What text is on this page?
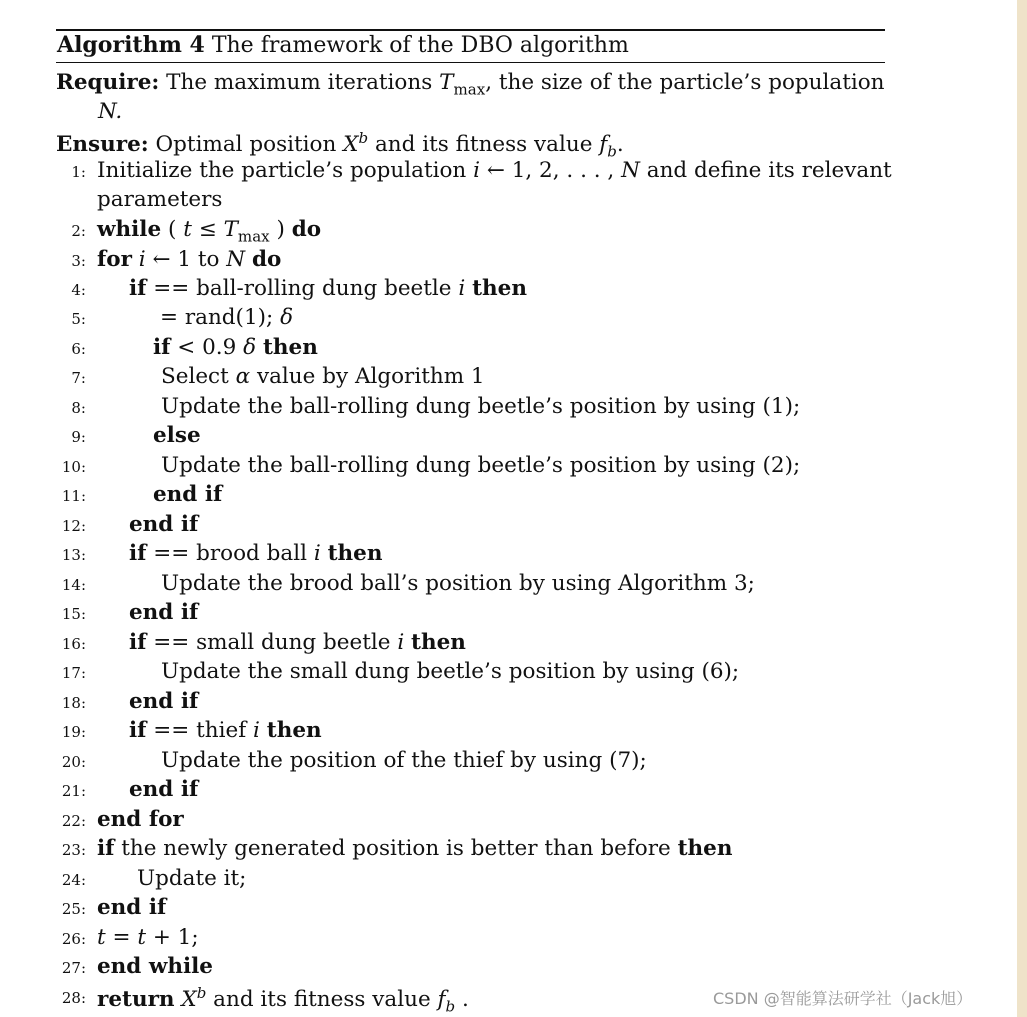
Algorithm 4 The framework of the DBO algorithm
Require: The maximum iterations $T_{max}$, the size of the particle’s population
N.
Ensure: Optimal position $X^b$ and its fitness value $f_b$.
1: Initialize the particle’s population i ← 1, 2, . . . , N and define its relevant
parameters
2: while ( $t \le T_{max}$ ) do
3: for i ← 1 to N do
4: if == ball-rolling dung beetle i then
5:	= rand(1); δ
6:	if < 0.9 δ then
7:	Select α value by Algorithm 1
8:	Update the ball-rolling dung beetle’s position by using (1);
9:	else
10:	Update the ball-rolling dung beetle’s position by using (2);
11:	end if
12: end if
13: if == brood ball i then
14:	Update the brood ball’s position by using Algorithm 3;
15: end if
16: if == small dung beetle i then
17:	Update the small dung beetle’s position by using (6);
18: end if
19: if == thief i then
20:	Update the position of the thief by using (7);
21: end if
22: end for
23: if the newly generated position is better than before then
24: Update it;
25: end if
26: t = t + 1;
27: end while
28: return $X^b$ and its fitness value $f_b$ .	CSDN @智能算法研学社（Jack旭）
